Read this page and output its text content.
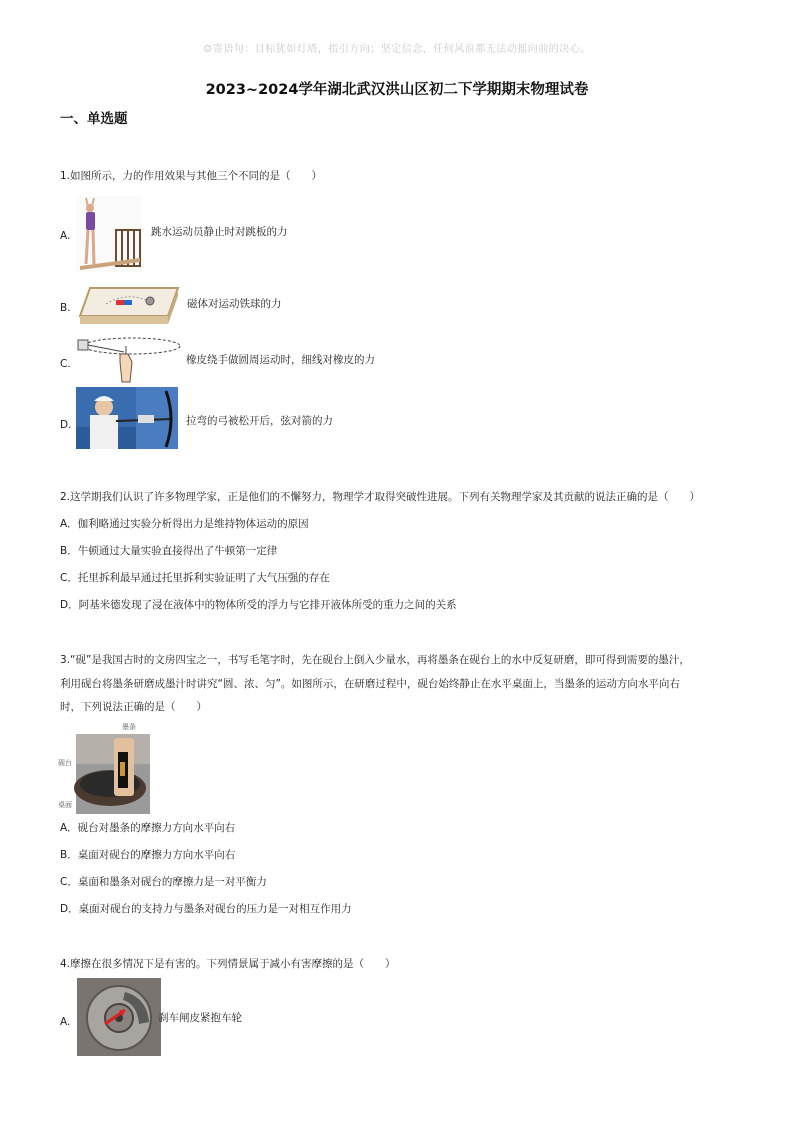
☺寄语句：目标犹如灯塔，指引方向；坚定信念，任何风浪都无法动摇向前的决心。
2023~2024学年湖北武汉洪山区初二下学期期末物理试卷
一、单选题
1.如图所示，力的作用效果与其他三个不同的是（　　）
A.	跳水运动员静止时对跳板的力
B.	磁体对运动铁球的力
C.	橡皮绕手做圆周运动时，细线对橡皮的力
D.	拉弯的弓被松开后，弦对箭的力
2.这学期我们认识了许多物理学家，正是他们的不懈努力，物理学才取得突破性进展。下列有关物理学家及其贡献的说法正确的是（　　）
A．伽利略通过实验分析得出力是维持物体运动的原因
B．牛顿通过大量实验直接得出了牛顿第一定律
C．托里拆利最早通过托里拆利实验证明了大气压强的存在
D．阿基米德发现了浸在液体中的物体所受的浮力与它排开液体所受的重力之间的关系
3.“砚”是我国古时的文房四宝之一，书写毛笔字时，先在砚台上倒入少量水，再将墨条在砚台上的水中反复研磨，即可得到需要的墨汁，
利用砚台将墨条研磨成墨汁时讲究“圆、浓、匀”。如图所示，在研磨过程中，砚台始终静止在水平桌面上，当墨条的运动方向水平向右
时，下列说法正确的是（　　）
墨条
砚台
桌面
A．砚台对墨条的摩擦力方向水平向右
B．桌面对砚台的摩擦力方向水平向右
C．桌面和墨条对砚台的摩擦力是一对平衡力
D．桌面对砚台的支持力与墨条对砚台的压力是一对相互作用力
4.摩擦在很多情况下是有害的。下列情景属于减小有害摩擦的是（　　）
A.	刹车闸皮紧抱车轮
